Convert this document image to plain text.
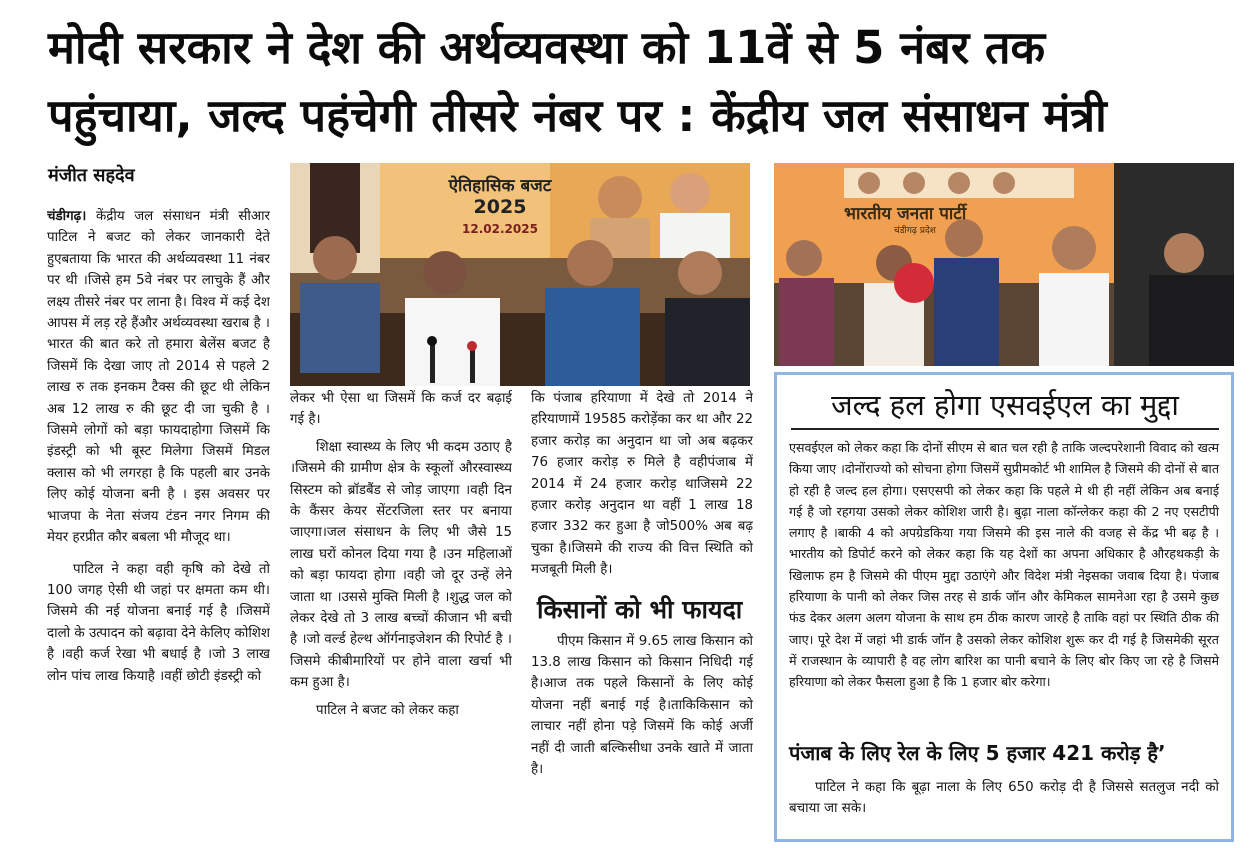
मोदी सरकार ने देश की अर्थव्यवस्था को 11वें से 5 नंबर तक
पहुंचाया, जल्द पहंचेगी तीसरे नंबर पर : केंद्रीय जल संसाधन मंत्री
मंजीत सहदेव

चंडीगढ़। केंद्रीय जल संसाधन मंत्री सीआर पाटिल ने बजट को लेकर जानकारी देते हुएबताया कि भारत की अर्थव्यवस्था 11 नंबर पर थी ।जिसे हम 5वे नंबर पर लाचुके हैं और लक्ष्य तीसरे नंबर पर लाना है। विश्व में कई देश आपस में लड़ रहे हैंऔर अर्थव्यवस्था खराब है । भारत की बात करे तो हमारा बेलेंस बजट है जिसमें कि देखा जाए तो 2014 से पहले 2 लाख रु तक इनकम टैक्स की छूट थी लेकिन अब 12 लाख रु की छूट दी जा चुकी है ।जिसमे लोगों को बड़ा फायदाहोगा जिसमें कि इंडस्ट्री को भी बूस्ट मिलेगा जिसमें मिडल क्लास को भी लगरहा है कि पहली बार उनके लिए कोई योजना बनी है । इस अवसर पर भाजपा के नेता संजय टंडन नगर निगम की मेयर हरप्रीत कौर बबला भी मौजूद था।

पाटिल ने कहा वही कृषि को देखे तो 100 जगह ऐसी थी जहां पर क्षमता कम थी।जिसमे की नई योजना बनाई गई है ।जिसमें दालो के उत्पादन को बढ़ावा देने केलिए कोशिश है ।वही कर्ज रेखा भी बधाई है ।जो 3 लाख लोन पांच लाख कियाहै ।वहीं छोटी इंडस्ट्री को

ऐतिहासिक बजट
2025
12.02.2025
भारतीय जनता पार्टी
चंडीगढ़ प्रदेश

लेकर भी ऐसा था जिसमें कि कर्ज दर बढ़ाई गई है।

शिक्षा स्वास्थ्य के लिए भी कदम उठाए है ।जिसमे की ग्रामीण क्षेत्र के स्कूलों औरस्वास्थ्य सिस्टम को ब्रॉडबैंड से जोड़ जाएगा ।वही दिन के कैंसर केयर सेंटरजिला स्तर पर बनाया जाएगा।जल संसाधन के लिए भी जैसे 15 लाख घरों कोनल दिया गया है ।उन महिलाओं को बड़ा फायदा होगा ।वही जो दूर उन्हें लेने जाता था ।उससे मुक्ति मिली है ।शुद्ध जल को लेकर देखे तो 3 लाख बच्चों कीजान भी बची है ।जो वर्ल्ड हेल्थ ऑर्गनाइजेशन की रिपोर्ट है ।जिसमे कीबीमारियों पर होने वाला खर्चा भी कम हुआ है।

पाटिल ने बजट को लेकर कहा

कि पंजाब हरियाणा में देखे तो 2014 ने हरियाणामें 19585 करोड़ेंका कर था और 22 हजार करोड़ का अनुदान था जो अब बढ़कर 76 हजार करोड़ रु मिले है वहीपंजाब में 2014 में 24 हजार करोड़ थाजिसमे 22 हजार करोड़ अनुदान था वहीं 1 लाख 18 हजार 332 कर हुआ है जो500% अब बढ़ चुका है।जिसमे की राज्य की वित्त स्थिति को मजबूती मिली है।

किसानों को भी फायदा

पीएम किसान में 9.65 लाख किसान को 13.8 लाख किसान को किसान निधिदी गई है।आज तक पहले किसानों के लिए कोई योजना नहीं बनाई गई है।ताकिकिसान को लाचार नहीं होना पड़े जिसमें कि कोई अर्जी नहीं दी जाती बल्किसीधा उनके खाते में जाता है।

जल्द हल होगा एसवईएल का मुद्दा
एसवईएल को लेकर कहा कि दोनों सीएम से बात चल रही है ताकि जल्दपरेशानी विवाद को खत्म किया जाए ।दोनोंराज्यो को सोचना होगा जिसमें सुप्रीमकोर्ट भी शामिल है जिसमे की दोनों से बात हो रही है जल्द हल होगा। एसएसपी को लेकर कहा कि पहले मे थी ही नहीं लेकिन अब बनाई गई है जो रहगया उसको लेकर कोशिश जारी है। बुढ़ा नाला कॉन्लेकर कहा की 2 नए एसटीपी लगाए है ।बाकी 4 को अपग्रेडकिया गया जिसमे की इस नाले की वजह से केंद्र भी बढ़ है ।भारतीय को डिपोर्ट करने को लेकर कहा कि यह देशों का अपना अधिकार है औरहथकड़ी के खिलाफ हम है जिसमे की पीएम मुद्दा उठाएंगे और विदेश मंत्री नेइसका जवाब दिया है। पंजाब हरियाणा के पानी को लेकर जिस तरह से डार्क जॉन और केमिकल सामनेआ रहा है उसमे कुछ फंड देकर अलग अलग योजना के साथ हम ठीक कारण जारहे है ताकि वहां पर स्थिति ठीक की जाए। पूरे देश में जहां भी डार्क जॉन है उसको लेकर कोशिश शुरू कर दी गई है जिसमेकी सूरत में राजस्थान के व्यापारी है वह लोग बारिश का पानी बचाने के लिए बोर किए जा रहे है जिसमे हरियाणा को लेकर फैसला हुआ है कि 1 हजार बोर करेगा।
पंजाब के लिए रेल के लिए 5 हजार 421 करोड़ है’
पाटिल ने कहा कि बूढ़ा नाला के लिए 650 करोड़ दी है जिससे सतलुज नदी को बचाया जा सके।
